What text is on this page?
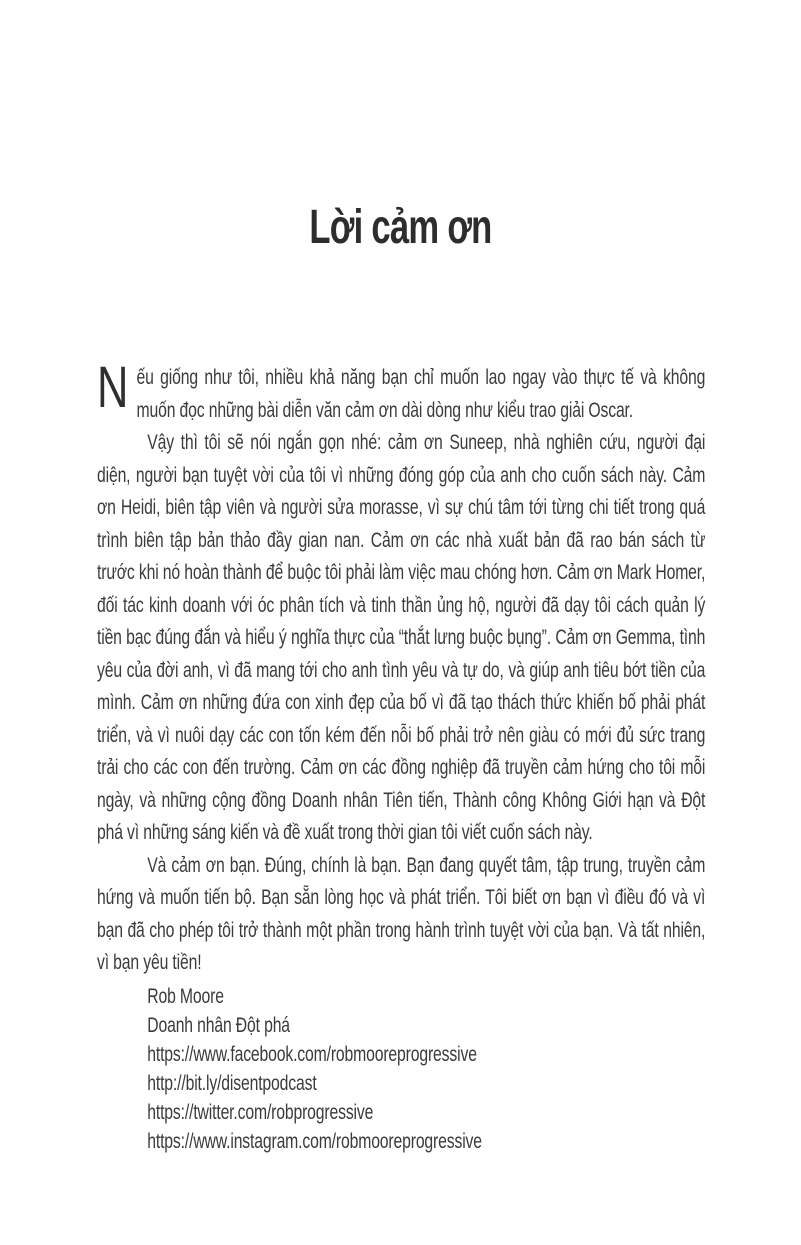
Lời cảm ơn

N ếu giống như tôi, nhiều khả năng bạn chỉ muốn lao ngay vào thực tế và không muốn đọc những bài diễn văn cảm ơn dài dòng như kiểu trao giải Oscar.

Vậy thì tôi sẽ nói ngắn gọn nhé: cảm ơn Suneep, nhà nghiên cứu, người đại diện, người bạn tuyệt vời của tôi vì những đóng góp của anh cho cuốn sách này. Cảm ơn Heidi, biên tập viên và người sửa morasse, vì sự chú tâm tới từng chi tiết trong quá trình biên tập bản thảo đầy gian nan. Cảm ơn các nhà xuất bản đã rao bán sách từ trước khi nó hoàn thành để buộc tôi phải làm việc mau chóng hơn. Cảm ơn Mark Homer, đối tác kinh doanh với óc phân tích và tinh thần ủng hộ, người đã dạy tôi cách quản lý tiền bạc đúng đắn và hiểu ý nghĩa thực của “thắt lưng buộc bụng”. Cảm ơn Gemma, tình yêu của đời anh, vì đã mang tới cho anh tình yêu và tự do, và giúp anh tiêu bớt tiền của mình. Cảm ơn những đứa con xinh đẹp của bố vì đã tạo thách thức khiến bố phải phát triển, và vì nuôi dạy các con tốn kém đến nỗi bố phải trở nên giàu có mới đủ sức trang trải cho các con đến trường. Cảm ơn các đồng nghiệp đã truyền cảm hứng cho tôi mỗi ngày, và những cộng đồng Doanh nhân Tiên tiến, Thành công Không Giới hạn và Đột phá vì những sáng kiến và đề xuất trong thời gian tôi viết cuốn sách này.

Và cảm ơn bạn. Đúng, chính là bạn. Bạn đang quyết tâm, tập trung, truyền cảm hứng và muốn tiến bộ. Bạn sẵn lòng học và phát triển. Tôi biết ơn bạn vì điều đó và vì bạn đã cho phép tôi trở thành một phần trong hành trình tuyệt vời của bạn. Và tất nhiên, vì bạn yêu tiền!

Rob Moore
Doanh nhân Đột phá
https://www.facebook.com/robmooreprogressive
http://bit.ly/disentpodcast
https://twitter.com/robprogressive
https://www.instagram.com/robmooreprogressive
